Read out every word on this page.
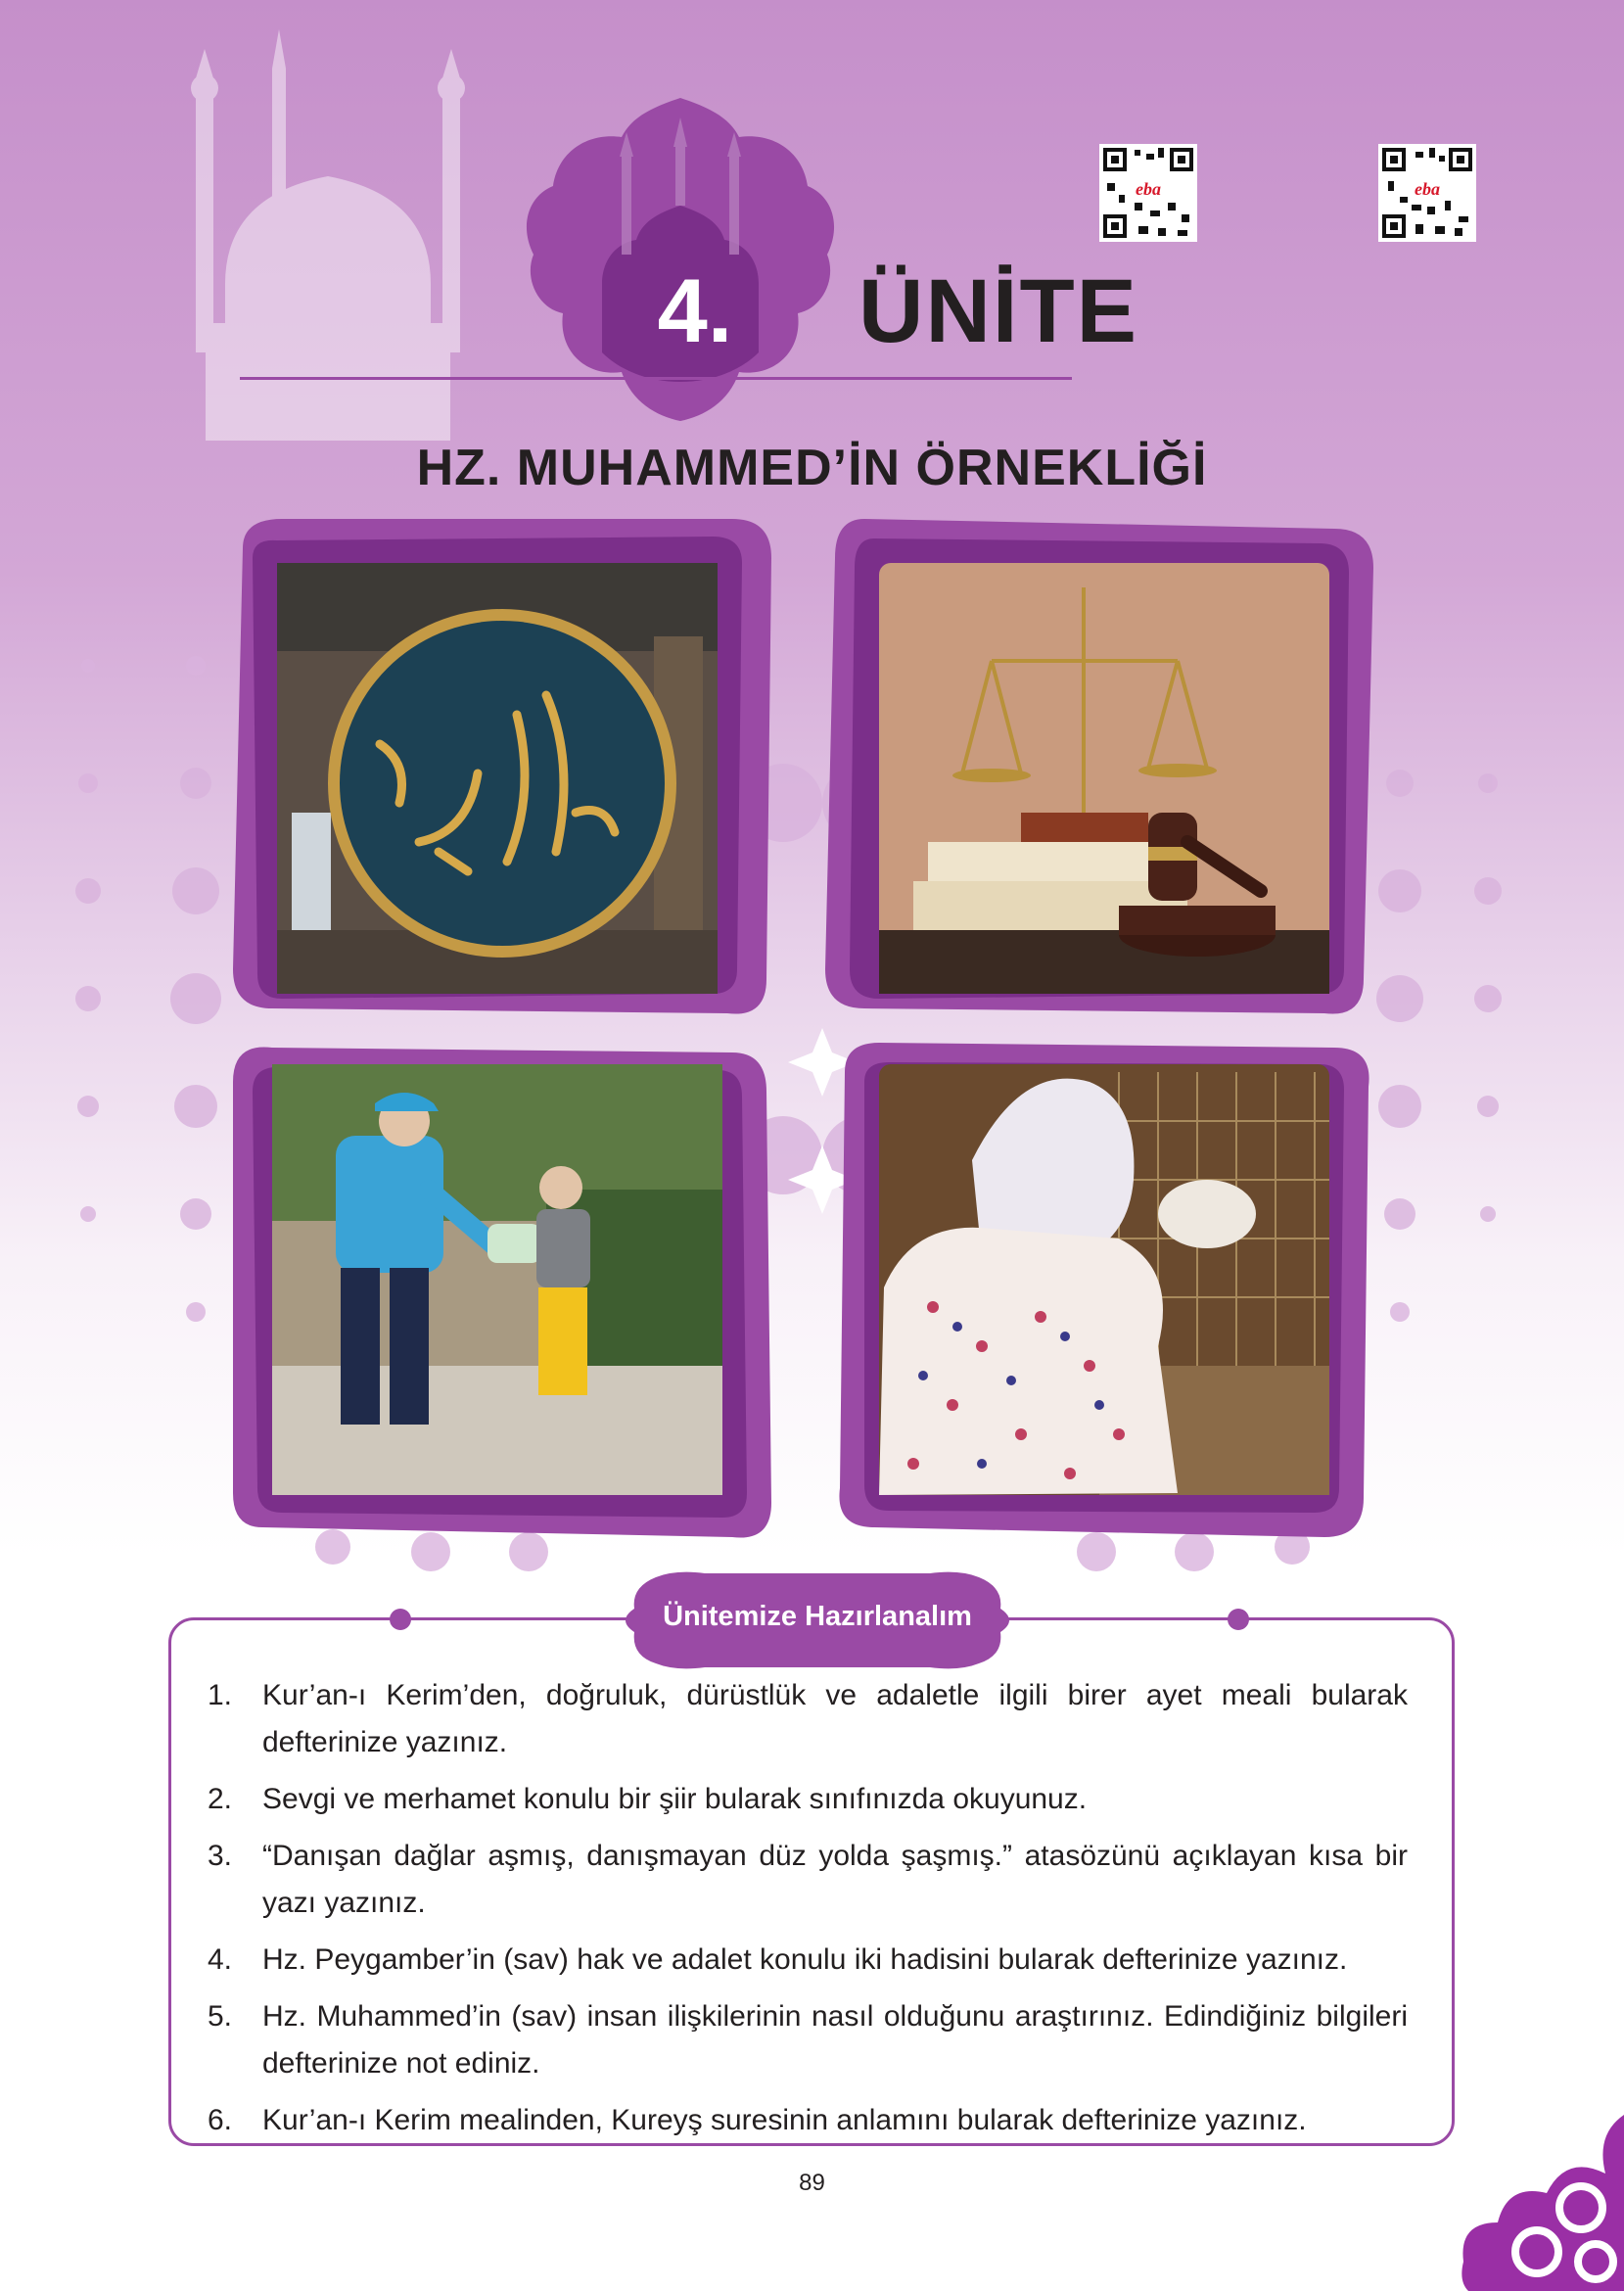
4. ÜNİTE
eba	eba
HZ. MUHAMMED’İN ÖRNEKLİĞİ
Ünitemize Hazırlanalım
1. Kur’an-ı Kerim’den, doğruluk, dürüstlük ve adaletle ilgili birer ayet meali bularak defterinize yazınız.
2. Sevgi ve merhamet konulu bir şiir bularak sınıfınızda okuyunuz.
3. “Danışan dağlar aşmış, danışmayan düz yolda şaşmış.” atasözünü açıklayan kısa bir yazı yazınız.
4. Hz. Peygamber’in (sav) hak ve adalet konulu iki hadisini bularak defterinize yazınız.
5. Hz. Muhammed’in (sav) insan ilişkilerinin nasıl olduğunu araştırınız. Edindiğiniz bilgileri defterinize not ediniz.
6. Kur’an-ı Kerim mealinden, Kureyş suresinin anlamını bularak defterinize yazınız.
89
